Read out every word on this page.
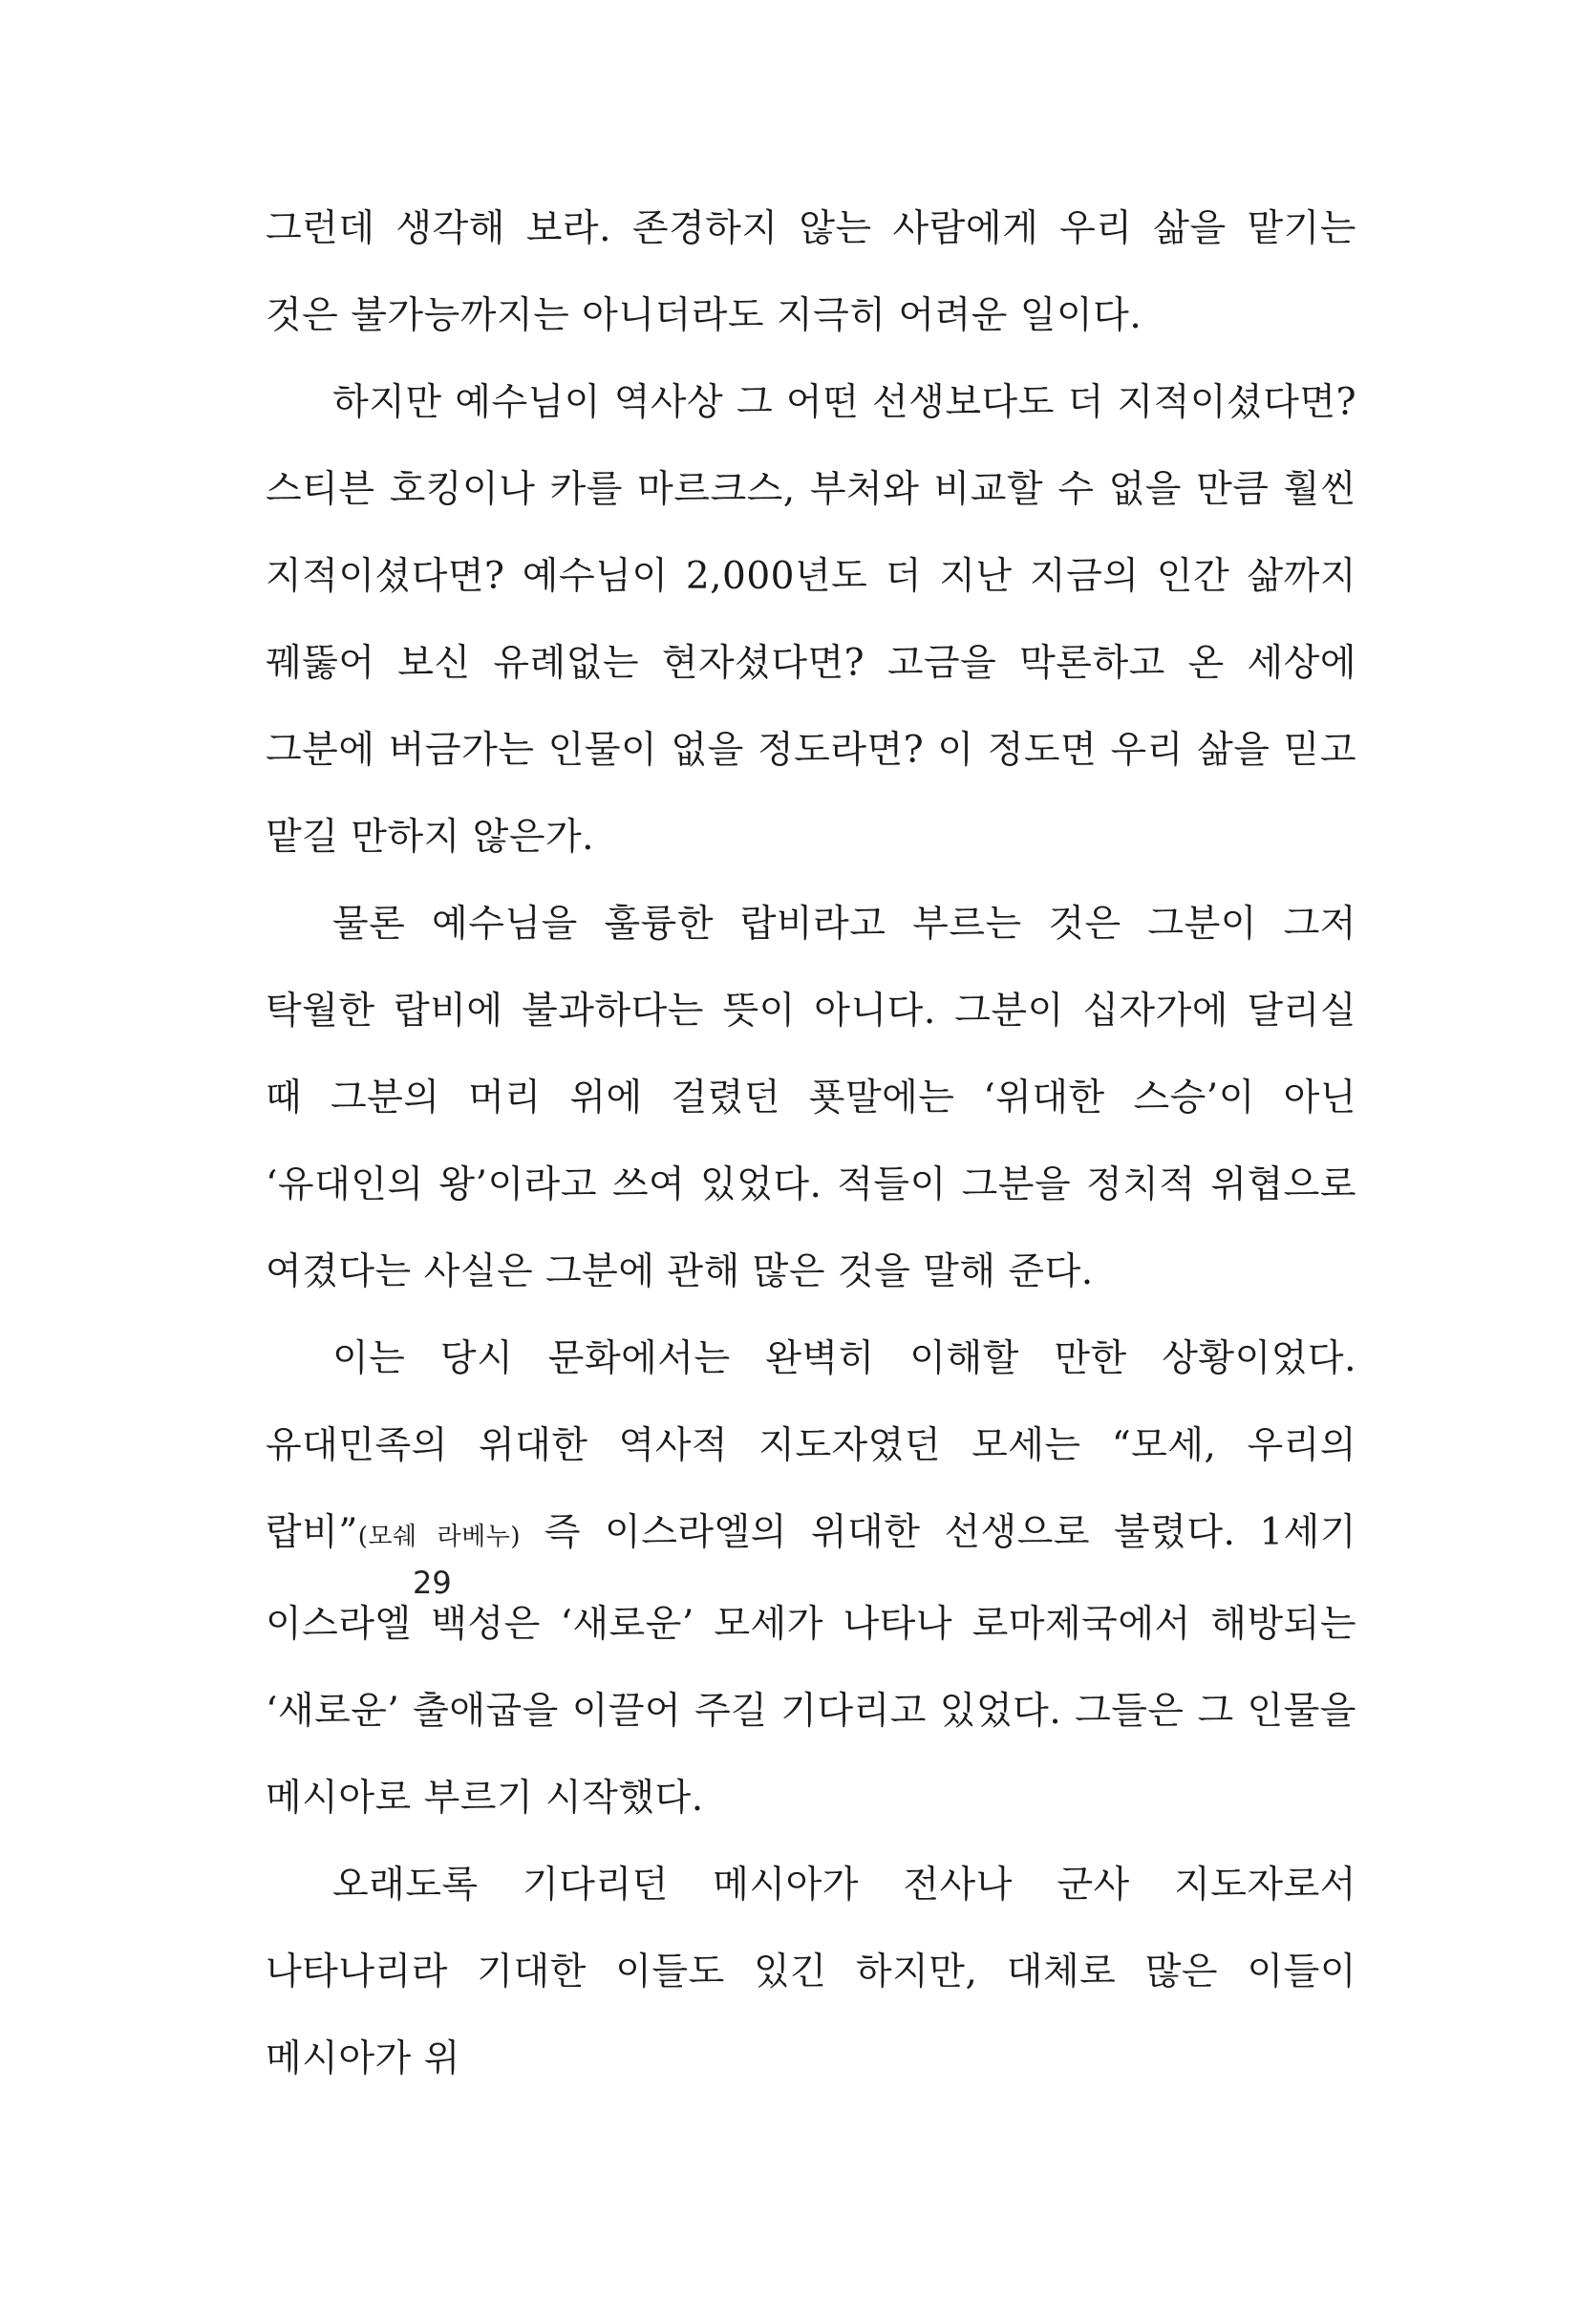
그런데 생각해 보라. 존경하지 않는 사람에게 우리 삶을 맡기는 것은 불가능까지는 아니더라도 지극히 어려운 일이다.

하지만 예수님이 역사상 그 어떤 선생보다도 더 지적이셨다면? 스티븐 호킹이나 카를 마르크스, 부처와 비교할 수 없을 만큼 훨씬 지적이셨다면? 예수님이 2,000년도 더 지난 지금의 인간 삶까지 꿰뚫어 보신 유례없는 현자셨다면? 고금을 막론하고 온 세상에 그분에 버금가는 인물이 없을 정도라면? 이 정도면 우리 삶을 믿고 맡길 만하지 않은가.

물론 예수님을 훌륭한 랍비라고 부르는 것은 그분이 그저 탁월한 랍비에 불과하다는 뜻이 아니다. 그분이 십자가에 달리실 때 그분의 머리 위에 걸렸던 푯말에는 ‘위대한 스승’이 아닌 ‘유대인의 왕’이라고 쓰여 있었다. 적들이 그분을 정치적 위협으로 여겼다는 사실은 그분에 관해 많은 것을 말해 준다.

이는 당시 문화에서는 완벽히 이해할 만한 상황이었다. 유대민족의 위대한 역사적 지도자였던 모세는 “모세, 우리의 랍비”(모쉐 라베누) 즉 이스라엘의 위대한 선생으로 불렸다. 1세기 이스라엘 백성은 ‘새로운’ 모세가 나타나 로마제국에서 해방되는 ‘새로운’ 출애굽을 이끌어 주길 기다리고 있었다. 그들은 그 인물을 메시아로 부르기 시작했다.

오래도록 기다리던 메시아가 전사나 군사 지도자로서 나타나리라 기대한 이들도 있긴 하지만, 대체로 많은 이들이 메시아가 위

29
